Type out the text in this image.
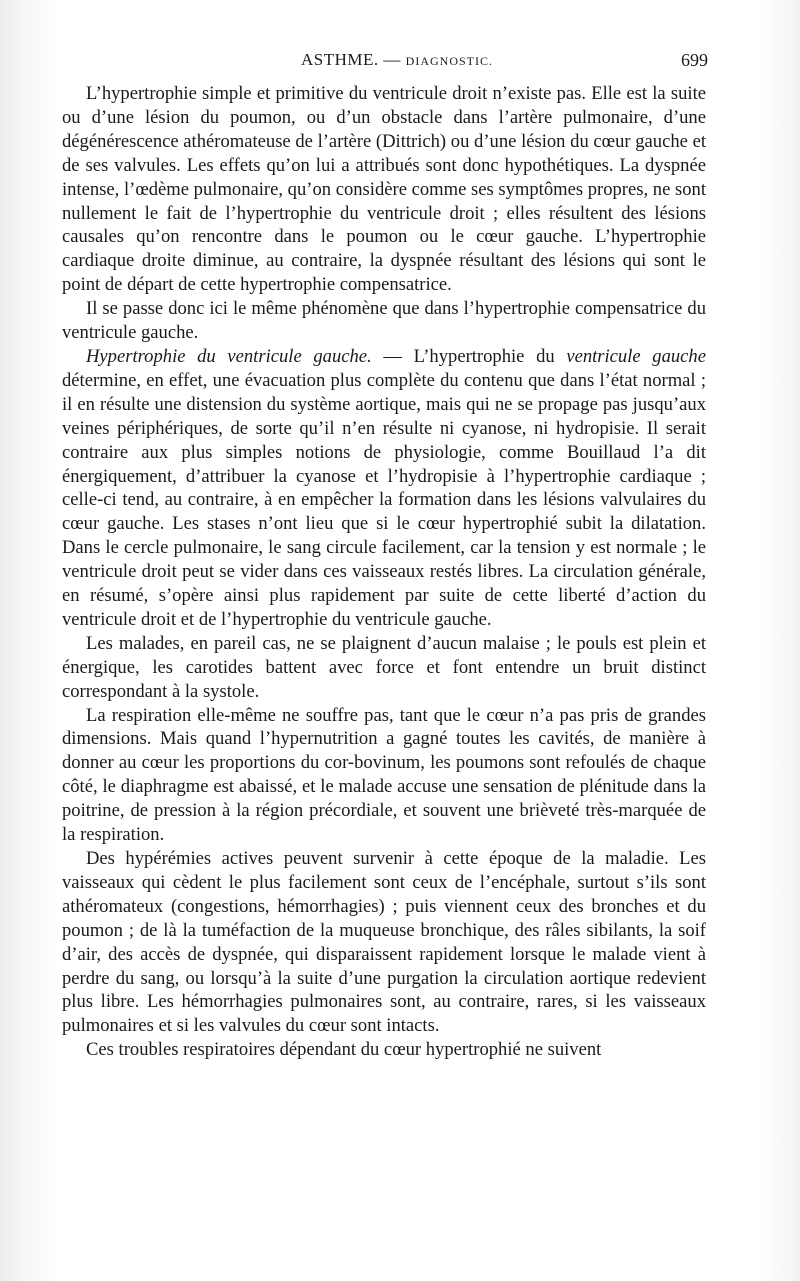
ASTHME. — DIAGNOSTIC.	699

L’hypertrophie simple et primitive du ventricule droit n’existe pas. Elle est la suite ou d’une lésion du poumon, ou d’un obstacle dans l’artère pulmonaire, d’une dégénérescence athéromateuse de l’artère (Dittrich) ou d’une lésion du cœur gauche et de ses valvules. Les effets qu’on lui a attribués sont donc hypothétiques. La dyspnée intense, l’œdème pulmonaire, qu’on considère comme ses symptômes propres, ne sont nullement le fait de l’hypertrophie du ventricule droit ; elles résultent des lésions causales qu’on rencontre dans le poumon ou le cœur gauche. L’hypertrophie cardiaque droite diminue, au contraire, la dyspnée résultant des lésions qui sont le point de départ de cette hypertrophie compensatrice.

Il se passe donc ici le même phénomène que dans l’hypertrophie compensatrice du ventricule gauche.

Hypertrophie du ventricule gauche. — L’hypertrophie du ventricule gauche détermine, en effet, une évacuation plus complète du contenu que dans l’état normal ; il en résulte une distension du système aortique, mais qui ne se propage pas jusqu’aux veines périphériques, de sorte qu’il n’en résulte ni cyanose, ni hydropisie. Il serait contraire aux plus simples notions de physiologie, comme Bouillaud l’a dit énergiquement, d’attribuer la cyanose et l’hydropisie à l’hypertrophie cardiaque ; celle-ci tend, au contraire, à en empêcher la formation dans les lésions valvulaires du cœur gauche. Les stases n’ont lieu que si le cœur hypertrophié subit la dilatation. Dans le cercle pulmonaire, le sang circule facilement, car la tension y est normale ; le ventricule droit peut se vider dans ces vaisseaux restés libres. La circulation générale, en résumé, s’opère ainsi plus rapidement par suite de cette liberté d’action du ventricule droit et de l’hypertrophie du ventricule gauche.

Les malades, en pareil cas, ne se plaignent d’aucun malaise ; le pouls est plein et énergique, les carotides battent avec force et font entendre un bruit distinct correspondant à la systole.

La respiration elle-même ne souffre pas, tant que le cœur n’a pas pris de grandes dimensions. Mais quand l’hypernutrition a gagné toutes les cavités, de manière à donner au cœur les proportions du cor-bovinum, les poumons sont refoulés de chaque côté, le diaphragme est abaissé, et le malade accuse une sensation de plénitude dans la poitrine, de pression à la région précordiale, et souvent une brièveté très-marquée de la respiration.

Des hypérémies actives peuvent survenir à cette époque de la maladie. Les vaisseaux qui cèdent le plus facilement sont ceux de l’encéphale, surtout s’ils sont athéromateux (congestions, hémorrhagies) ; puis viennent ceux des bronches et du poumon ; de là la tuméfaction de la muqueuse bronchique, des râles sibilants, la soif d’air, des accès de dyspnée, qui disparaissent rapidement lorsque le malade vient à perdre du sang, ou lorsqu’à la suite d’une purgation la circulation aortique redevient plus libre. Les hémorrhagies pulmonaires sont, au contraire, rares, si les vaisseaux pulmonaires et si les valvules du cœur sont intacts.

Ces troubles respiratoires dépendant du cœur hypertrophié ne suivent
